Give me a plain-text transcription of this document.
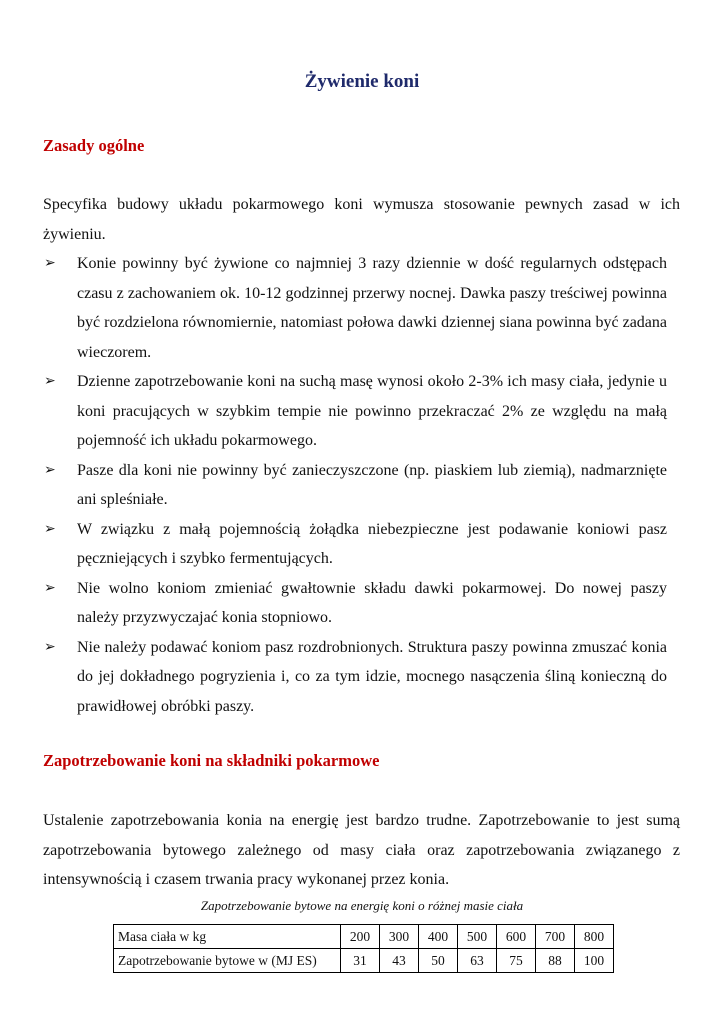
Żywienie koni
Zasady ogólne
Specyfika budowy układu pokarmowego koni wymusza stosowanie pewnych zasad w ich żywieniu.
➢ Konie powinny być żywione co najmniej 3 razy dziennie w dość regularnych odstępach czasu z zachowaniem ok. 10-12 godzinnej przerwy nocnej. Dawka paszy treściwej powinna być rozdzielona równomiernie, natomiast połowa dawki dziennej siana powinna być zadana wieczorem.
➢ Dzienne zapotrzebowanie koni na suchą masę wynosi około 2-3% ich masy ciała, jedynie u koni pracujących w szybkim tempie nie powinno przekraczać 2% ze względu na małą pojemność ich układu pokarmowego.
➢ Pasze dla koni nie powinny być zanieczyszczone (np. piaskiem lub ziemią), nadmarznięte ani spleśniałe.
➢ W związku z małą pojemnością żołądka niebezpieczne jest podawanie koniowi pasz pęczniejących i szybko fermentujących.
➢ Nie wolno koniom zmieniać gwałtownie składu dawki pokarmowej. Do nowej paszy należy przyzwyczajać konia stopniowo.
➢ Nie należy podawać koniom pasz rozdrobnionych. Struktura paszy powinna zmuszać konia do jej dokładnego pogryzienia i, co za tym idzie, mocnego nasączenia śliną konieczną do prawidłowej obróbki paszy.
Zapotrzebowanie koni na składniki pokarmowe
Ustalenie zapotrzebowania konia na energię jest bardzo trudne. Zapotrzebowanie to jest sumą zapotrzebowania bytowego zależnego od masy ciała oraz zapotrzebowania związanego z intensywnością i czasem trwania pracy wykonanej przez konia.
Zapotrzebowanie bytowe na energię koni o różnej masie ciała
Masa ciała w kg	200	300	400	500	600	700	800
Zapotrzebowanie bytowe w (MJ ES)	31	43	50	63	75	88	100
